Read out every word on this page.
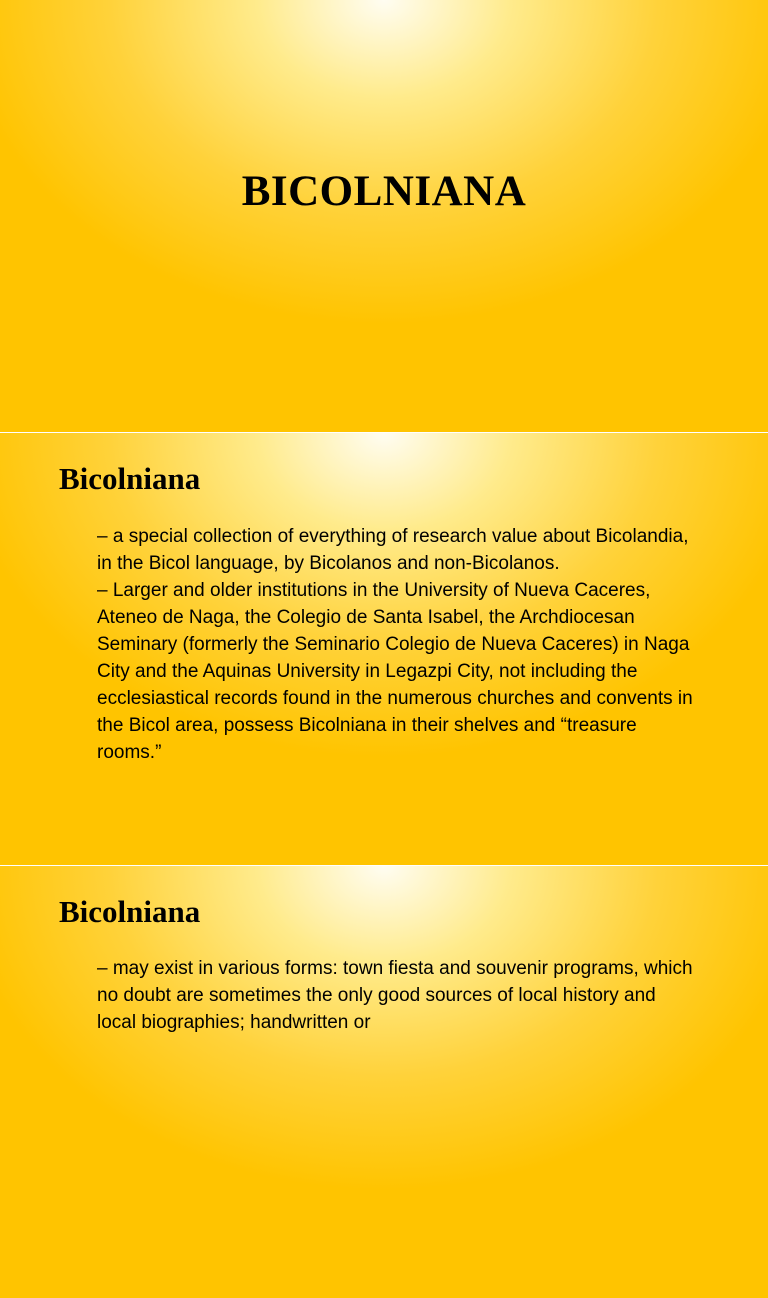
BICOLNIANA
Bicolniana

– a special collection of everything of research value about Bicolandia, in the Bicol language, by Bicolanos and non-Bicolanos.

– Larger and older institutions in the University of Nueva Caceres, Ateneo de Naga, the Colegio de Santa Isabel, the Archdiocesan Seminary (formerly the Seminario Colegio de Nueva Caceres) in Naga City and the Aquinas University in Legazpi City, not including the ecclesiastical records found in the numerous churches and convents in the Bicol area, possess Bicolniana in their shelves and “treasure rooms.”

Bicolniana

– may exist in various forms: town fiesta and souvenir programs, which no doubt are sometimes the only good sources of local history and local biographies; handwritten or
